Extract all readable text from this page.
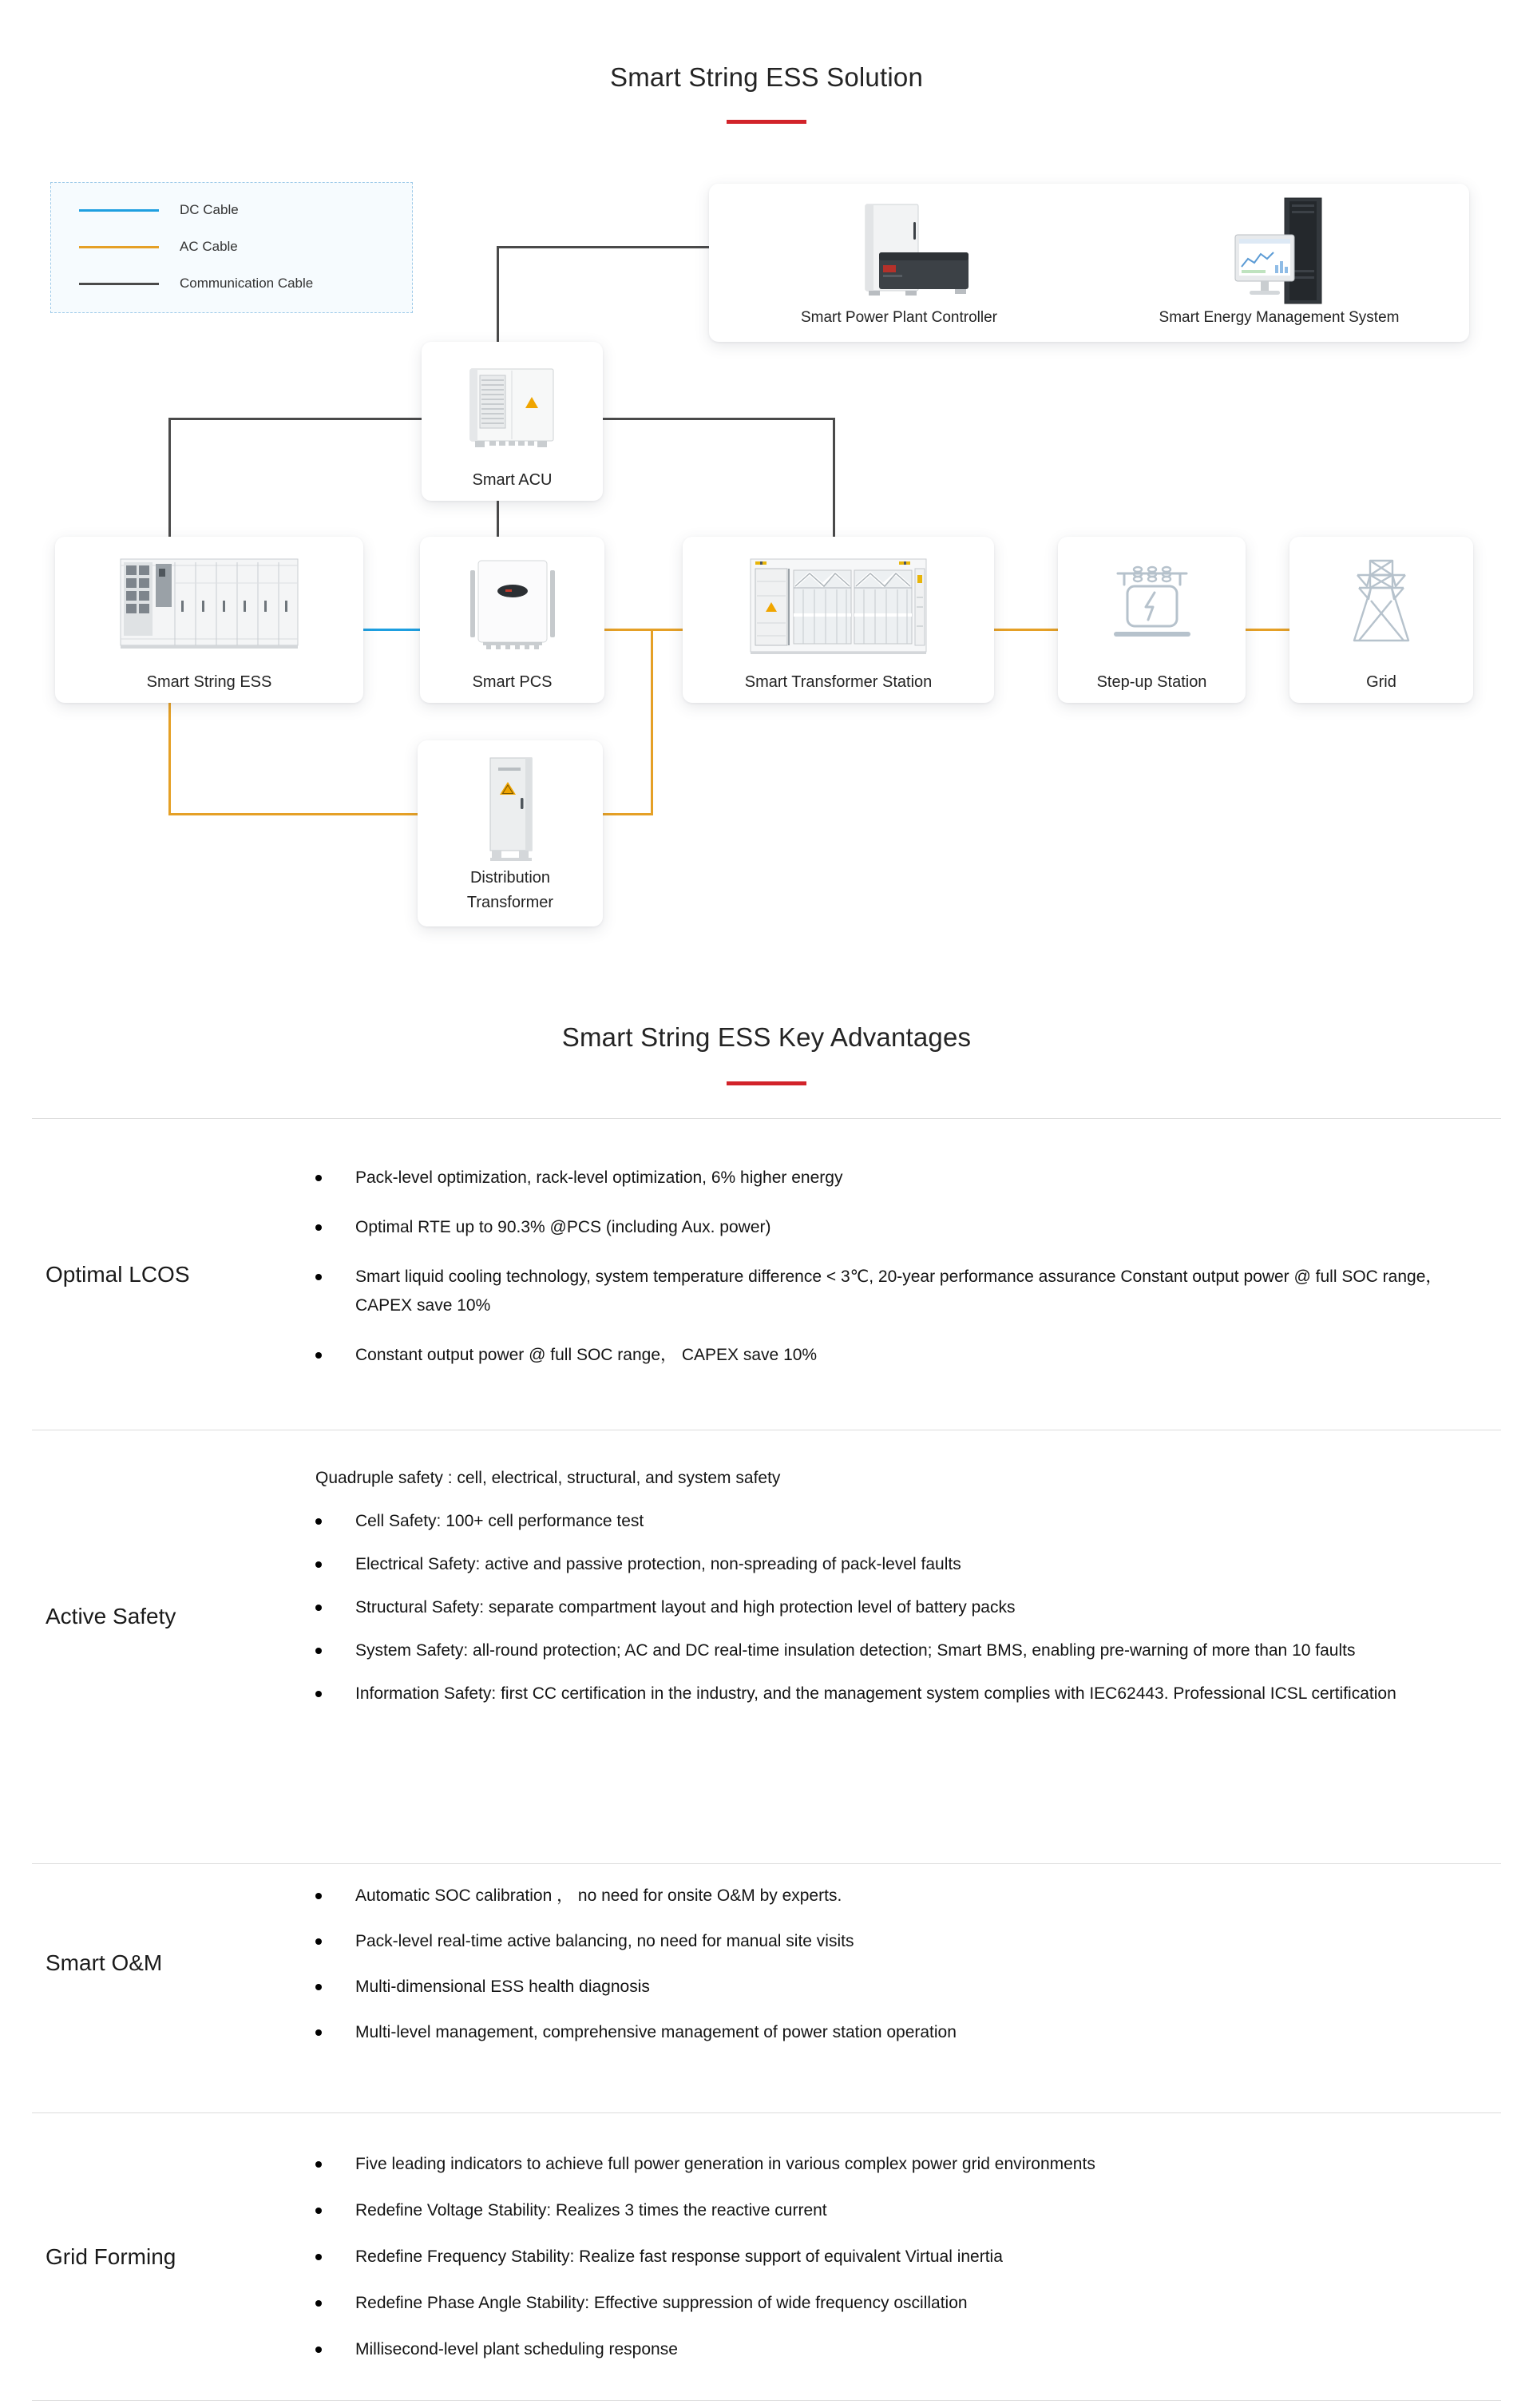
Smart String ESS Solution
DC Cable
AC Cable
Communication Cable
Smart Power Plant Controller	Smart Energy Management System
Smart ACU
Smart String ESS	Smart PCS	Smart Transformer Station	Step-up Station	Grid
Distribution Transformer
Smart String ESS Key Advantages
Optimal LCOS
Pack-level optimization, rack-level optimization, 6% higher energy
Optimal RTE up to 90.3% @PCS (including Aux. power)
Smart liquid cooling technology, system temperature difference < 3℃, 20-year performance assurance Constant output power @ full SOC range， CAPEX save 10%
Constant output power @ full SOC range， CAPEX save 10%
Active Safety
Quadruple safety : cell, electrical, structural, and system safety
Cell Safety: 100+ cell performance test
Electrical Safety: active and passive protection, non-spreading of pack-level faults
Structural Safety: separate compartment layout and high protection level of battery packs
System Safety: all-round protection; AC and DC real-time insulation detection; Smart BMS, enabling pre-warning of more than 10 faults
Information Safety: first CC certification in the industry, and the management system complies with IEC62443. Professional ICSL certification
Smart O&M
Automatic SOC calibration ， no need for onsite O&M by experts.
Pack-level real-time active balancing, no need for manual site visits
Multi-dimensional ESS health diagnosis
Multi-level management, comprehensive management of power station operation
Grid Forming
Five leading indicators to achieve full power generation in various complex power grid environments
Redefine Voltage Stability: Realizes 3 times the reactive current
Redefine Frequency Stability: Realize fast response support of equivalent Virtual inertia
Redefine Phase Angle Stability: Effective suppression of wide frequency oscillation
Millisecond-level plant scheduling response
